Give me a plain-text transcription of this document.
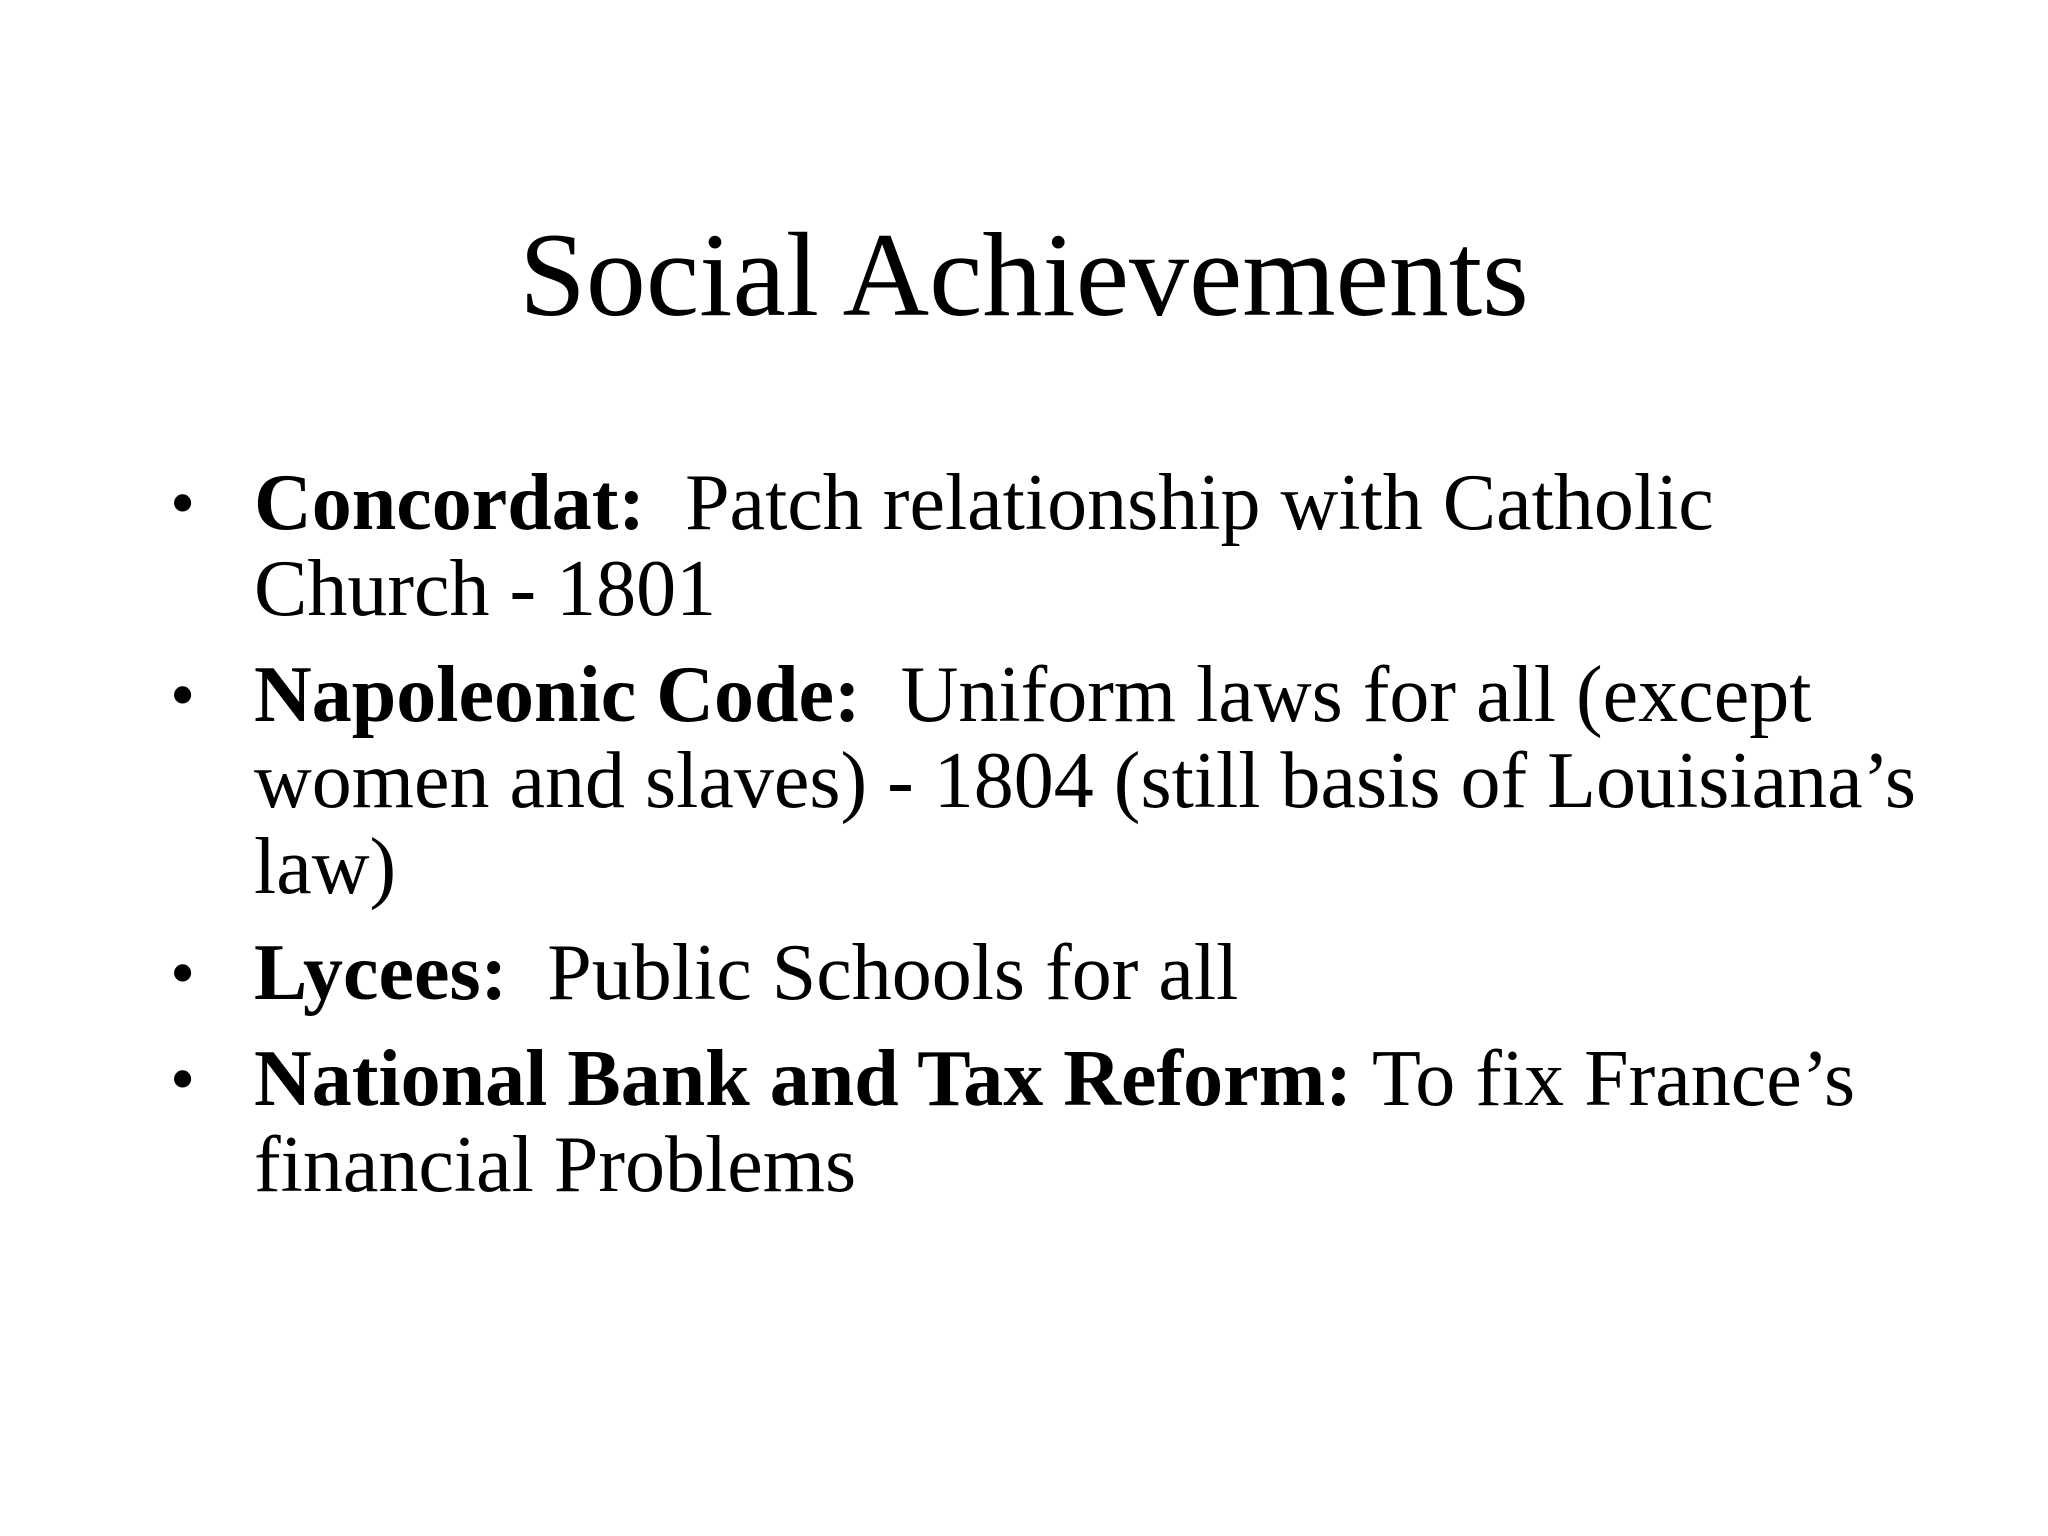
Social Achievements
• Concordat: Patch relationship with Catholic Church - 1801
• Napoleonic Code: Uniform laws for all (except women and slaves) - 1804 (still basis of Louisiana’s law)
• Lycees: Public Schools for all
• National Bank and Tax Reform: To fix France’s financial Problems
